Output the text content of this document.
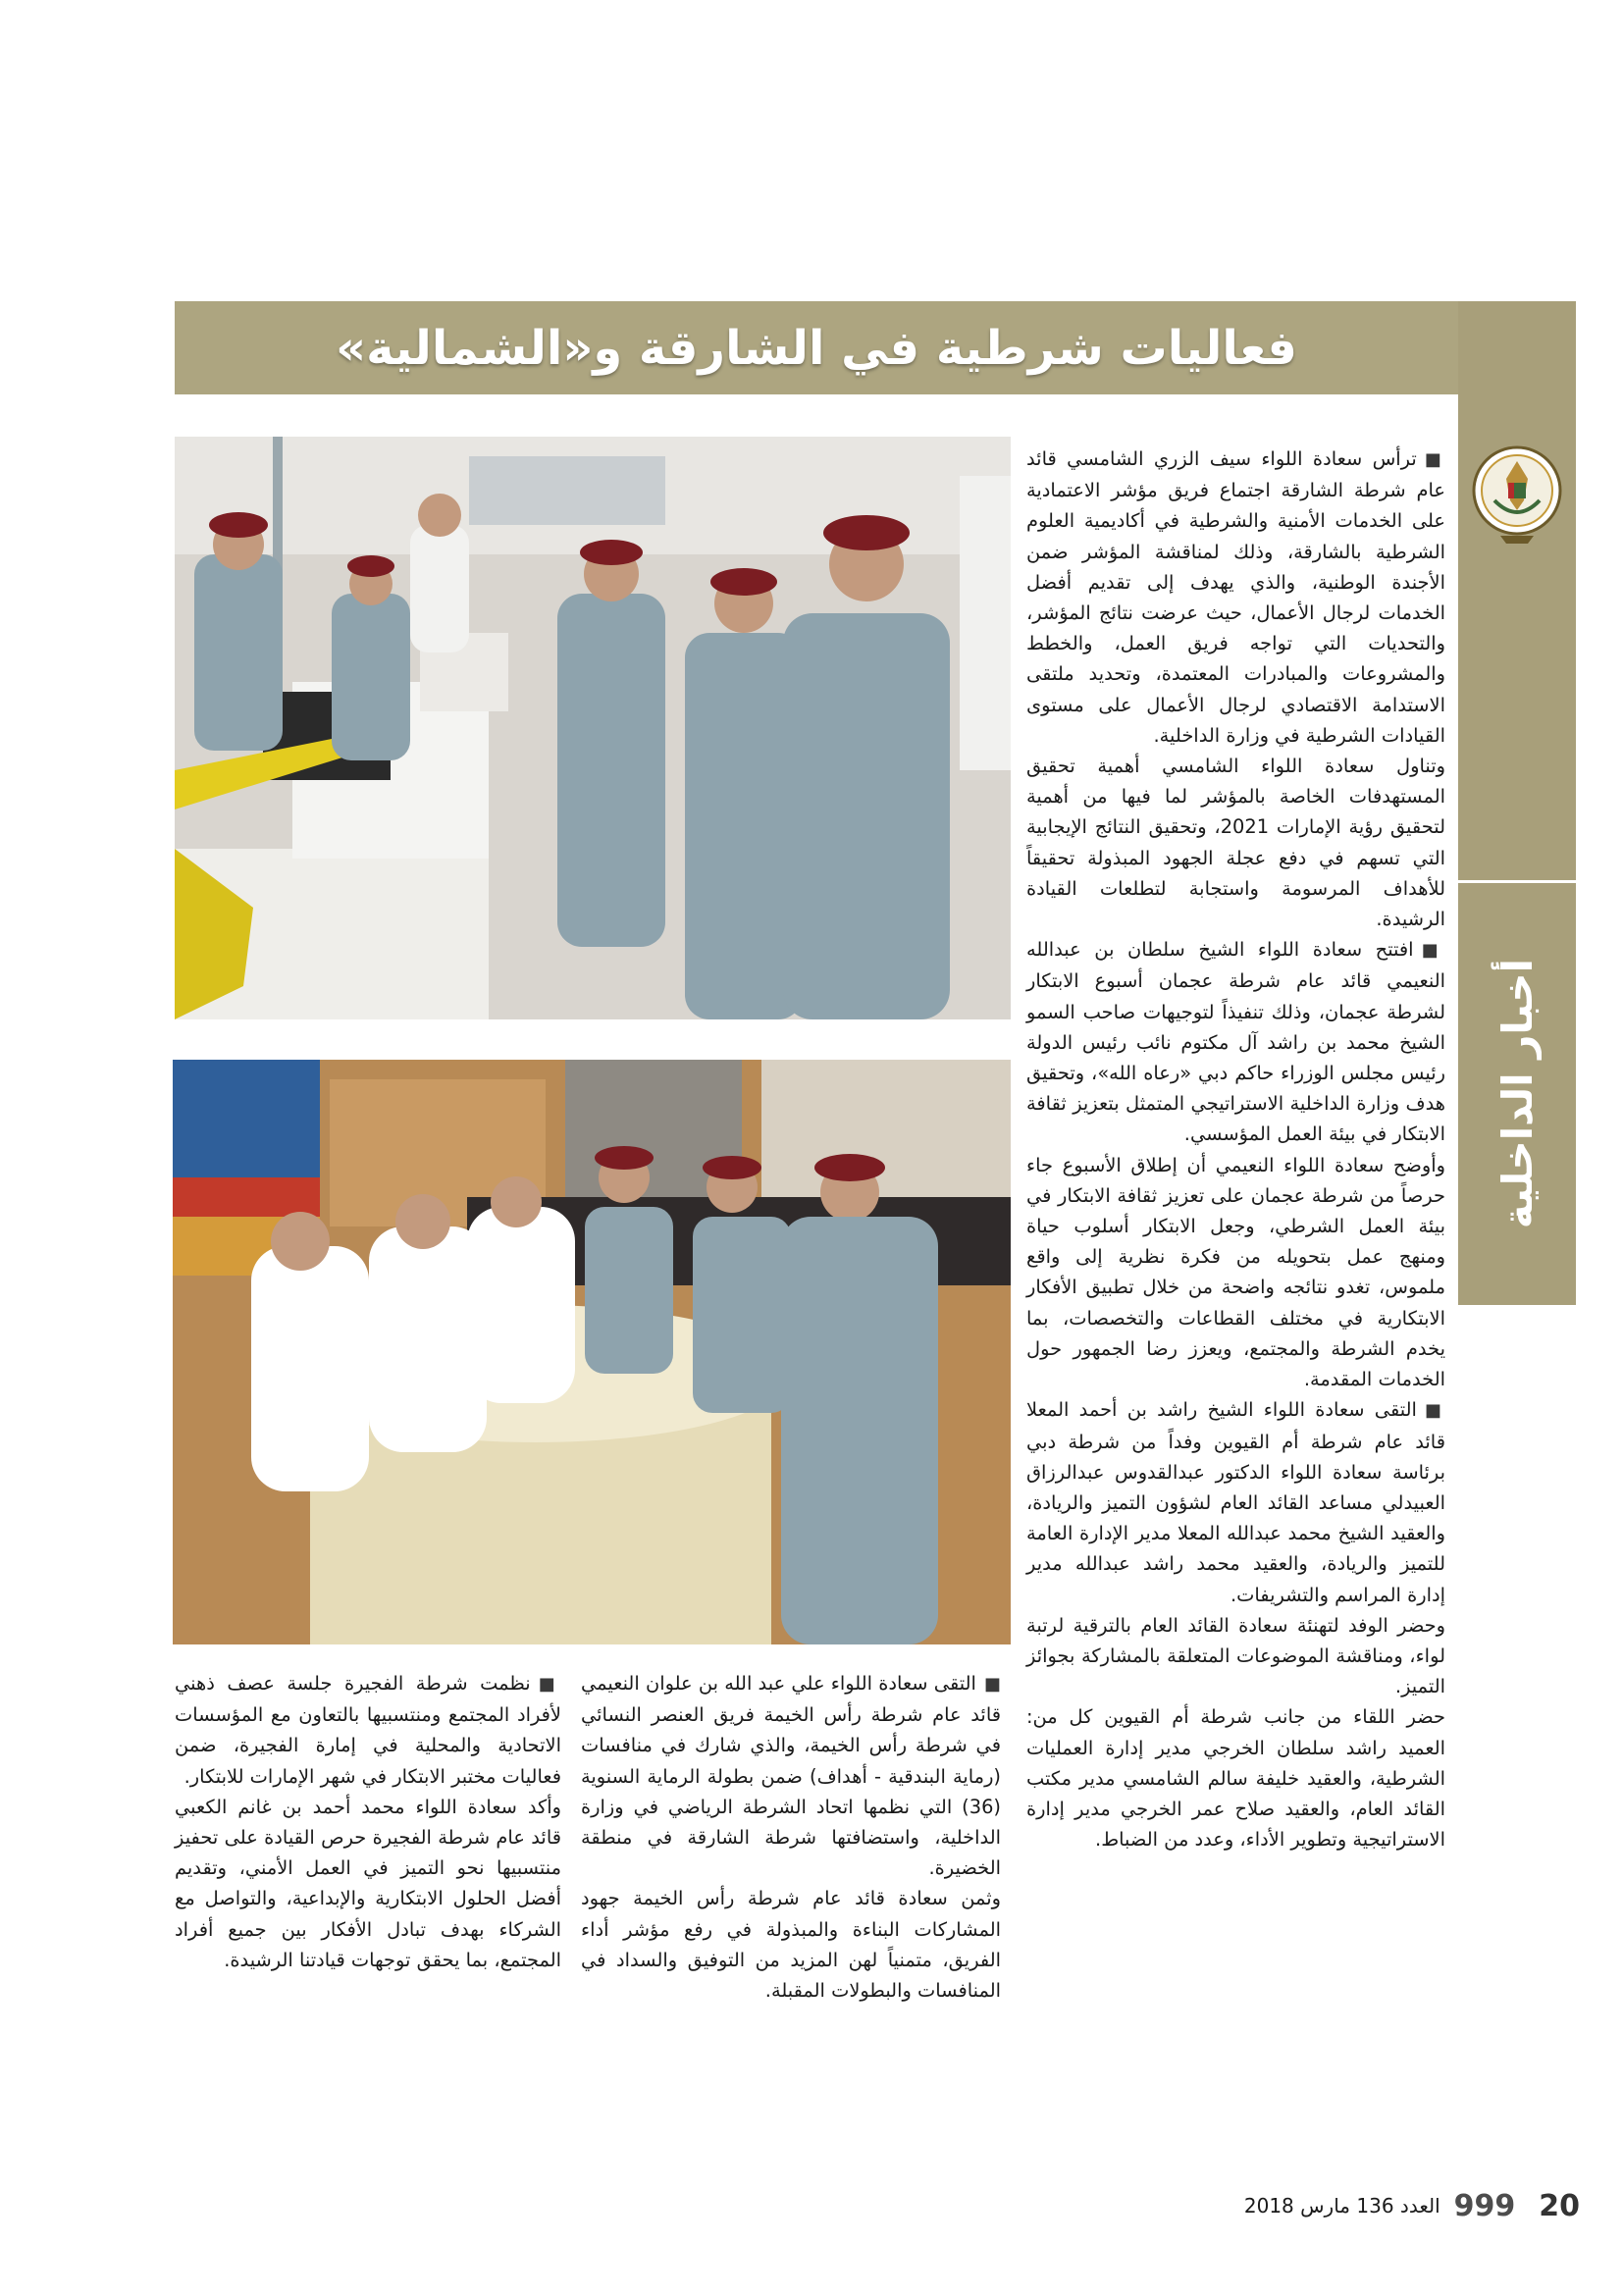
فعاليات شرطية في الشارقة و«الشمالية»
أخبار الداخلية

■ ترأس سعادة اللواء سيف الزري الشامسي قائد عام شرطة الشارقة اجتماع فريق مؤشر الاعتمادية على الخدمات الأمنية والشرطية في أكاديمية العلوم الشرطية بالشارقة، وذلك لمناقشة المؤشر ضمن الأجندة الوطنية، والذي يهدف إلى تقديم أفضل الخدمات لرجال الأعمال، حيث عرضت نتائج المؤشر، والتحديات التي تواجه فريق العمل، والخطط والمشروعات والمبادرات المعتمدة، وتحديد ملتقى الاستدامة الاقتصادي لرجال الأعمال على مستوى القيادات الشرطية في وزارة الداخلية.

وتناول سعادة اللواء الشامسي أهمية تحقيق المستهدفات الخاصة بالمؤشر لما فيها من أهمية لتحقيق رؤية الإمارات 2021، وتحقيق النتائج الإيجابية التي تسهم في دفع عجلة الجهود المبذولة تحقيقاً للأهداف المرسومة واستجابة لتطلعات القيادة الرشيدة.

■ افتتح سعادة اللواء الشيخ سلطان بن عبدالله النعيمي قائد عام شرطة عجمان أسبوع الابتكار لشرطة عجمان، وذلك تنفيذاً لتوجيهات صاحب السمو الشيخ محمد بن راشد آل مكتوم نائب رئيس الدولة رئيس مجلس الوزراء حاكم دبي «رعاه الله»، وتحقيق هدف وزارة الداخلية الاستراتيجي المتمثل بتعزيز ثقافة الابتكار في بيئة العمل المؤسسي.

وأوضح سعادة اللواء النعيمي أن إطلاق الأسبوع جاء حرصاً من شرطة عجمان على تعزيز ثقافة الابتكار في بيئة العمل الشرطي، وجعل الابتكار أسلوب حياة ومنهج عمل بتحويله من فكرة نظرية إلى واقع ملموس، تغدو نتائجه واضحة من خلال تطبيق الأفكار الابتكارية في مختلف القطاعات والتخصصات، بما يخدم الشرطة والمجتمع، ويعزز رضا الجمهور حول الخدمات المقدمة.

■ التقى سعادة اللواء الشيخ راشد بن أحمد المعلا قائد عام شرطة أم القيوين وفداً من شرطة دبي برئاسة سعادة اللواء الدكتور عبدالقدوس عبدالرزاق العبيدلي مساعد القائد العام لشؤون التميز والريادة، والعقيد الشيخ محمد عبدالله المعلا مدير الإدارة العامة للتميز والريادة، والعقيد محمد راشد عبدالله مدير إدارة المراسم والتشريفات.

وحضر الوفد لتهنئة سعادة القائد العام بالترقية لرتبة لواء، ومناقشة الموضوعات المتعلقة بالمشاركة بجوائز التميز.

حضر اللقاء من جانب شرطة أم القيوين كل من: العميد راشد سلطان الخرجي مدير إدارة العمليات الشرطية، والعقيد خليفة سالم الشامسي مدير مكتب القائد العام، والعقيد صلاح عمر الخرجي مدير إدارة الاستراتيجية وتطوير الأداء، وعدد من الضباط.

■ التقى سعادة اللواء علي عبد الله بن علوان النعيمي قائد عام شرطة رأس الخيمة فريق العنصر النسائي في شرطة رأس الخيمة، والذي شارك في منافسات (رماية البندقية - أهداف) ضمن بطولة الرماية السنوية (36) التي نظمها اتحاد الشرطة الرياضي في وزارة الداخلية، واستضافتها شرطة الشارقة في منطقة الخضيرة.

وثمن سعادة قائد عام شرطة رأس الخيمة جهود المشاركات البناءة والمبذولة في رفع مؤشر أداء الفريق، متمنياً لهن المزيد من التوفيق والسداد في المنافسات والبطولات المقبلة.

■ نظمت شرطة الفجيرة جلسة عصف ذهني لأفراد المجتمع ومنتسبيها بالتعاون مع المؤسسات الاتحادية والمحلية في إمارة الفجيرة، ضمن فعاليات مختبر الابتكار في شهر الإمارات للابتكار.

وأكد سعادة اللواء محمد أحمد بن غانم الكعبي قائد عام شرطة الفجيرة حرص القيادة على تحفيز منتسبيها نحو التميز في العمل الأمني، وتقديم أفضل الحلول الابتكارية والإبداعية، والتواصل مع الشركاء بهدف تبادل الأفكار بين جميع أفراد المجتمع، بما يحقق توجهات قيادتنا الرشيدة.

العدد 136 مارس 2018 999 20
